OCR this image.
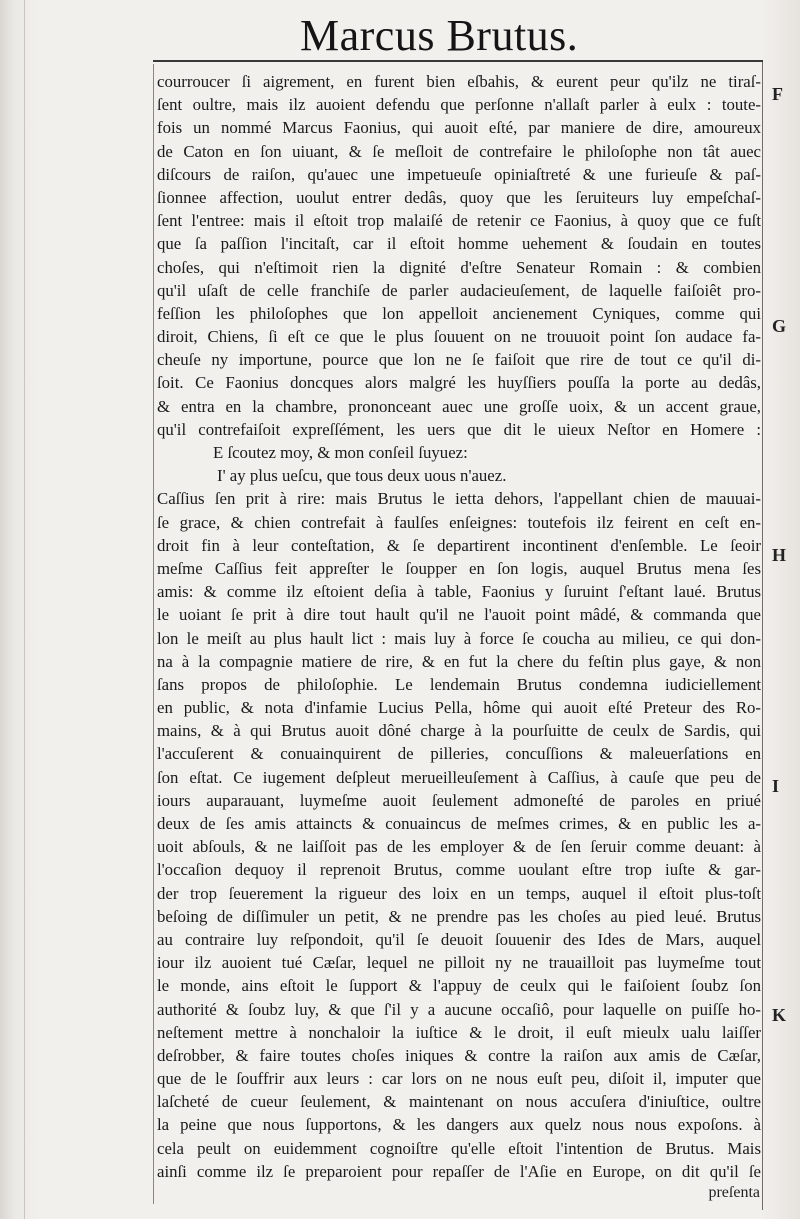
Marcus Brutus.
courroucer ſi aigrement, en furent bien eſbahis, & eurent peur qu'ilz ne tiraſ-
ſent oultre, mais ilz auoient defendu que perſonne n'allaſt parler à eulx : toute-
fois un nommé Marcus Faonius, qui auoit eſté, par maniere de dire, amoureux
de Caton en ſon uiuant, & ſe meſloit de contrefaire le philoſophe non tât auec
diſcours de raiſon, qu'auec une impetueuſe opiniaſtreté & une furieuſe & paſ-
ſionnee affection, uoulut entrer dedâs, quoy que les ſeruiteurs luy empeſchaſ-
ſent l'entree: mais il eſtoit trop malaiſé de retenir ce Faonius, à quoy que ce fuſt
que ſa paſſion l'incitaſt, car il eſtoit homme uehement & ſoudain en toutes
choſes, qui n'eſtimoit rien la dignité d'eſtre Senateur Romain : & combien
qu'il uſaſt de celle franchiſe de parler audacieuſement, de laquelle faiſoiêt pro-
feſſion les philoſophes que lon appelloit ancienement Cyniques, comme qui
diroit, Chiens, ſi eſt ce que le plus ſouuent on ne trouuoit point ſon audace fa-
cheuſe ny importune, pource que lon ne ſe faiſoit que rire de tout ce qu'il di-
ſoit. Ce Faonius doncques alors malgré les huyſſiers pouſſa la porte au dedâs,
& entra en la chambre, prononceant auec une groſſe uoix, & un accent graue,
qu'il contrefaiſoit expreſſément, les uers que dit le uieux Neſtor en Homere :
E ſcoutez moy, & mon conſeil ſuyuez:
I' ay plus ueſcu, que tous deux uous n'auez.
Caſſius ſen prit à rire: mais Brutus le ietta dehors, l'appellant chien de mauuai-
ſe grace, & chien contrefait à faulſes enſeignes: toutefois ilz feirent en ceſt en-
droit fin à leur conteſtation, & ſe departirent incontinent d'enſemble. Le ſeoir
meſme Caſſius feit appreſter le ſoupper en ſon logis, auquel Brutus mena ſes
amis: & comme ilz eſtoient deſia à table, Faonius y ſuruint ſ'eſtant laué. Brutus
le uoiant ſe prit à dire tout hault qu'il ne l'auoit point mâdé, & commanda que
lon le meiſt au plus hault lict : mais luy à force ſe coucha au milieu, ce qui don-
na à la compagnie matiere de rire, & en fut la chere du feſtin plus gaye, & non
ſans propos de philoſophie. Le lendemain Brutus condemna iudiciellement
en public, & nota d'infamie Lucius Pella, hôme qui auoit eſté Preteur des Ro-
mains, & à qui Brutus auoit dôné charge à la pourſuitte de ceulx de Sardis, qui
l'accuſerent & conuainquirent de pilleries, concuſſions & maleuerſations en
ſon eſtat. Ce iugement deſpleut merueilleuſement à Caſſius, à cauſe que peu de
iours auparauant, luymeſme auoit ſeulement admoneſté de paroles en priué
deux de ſes amis attaincts & conuaincus de meſmes crimes, & en public les a-
uoit abſouls, & ne laiſſoit pas de les employer & de ſen ſeruir comme deuant: à
l'occaſion dequoy il reprenoit Brutus, comme uoulant eſtre trop iuſte & gar-
der trop ſeuerement la rigueur des loix en un temps, auquel il eſtoit plus-toſt
beſoing de diſſimuler un petit, & ne prendre pas les choſes au pied leué. Brutus
au contraire luy reſpondoit, qu'il ſe deuoit ſouuenir des Ides de Mars, auquel
iour ilz auoient tué Cæſar, lequel ne pilloit ny ne trauailloit pas luymeſme tout
le monde, ains eſtoit le ſupport & l'appuy de ceulx qui le faiſoient ſoubz ſon
authorité & ſoubz luy, & que ſ'il y a aucune occaſiô, pour laquelle on puiſſe ho-
neſtement mettre à nonchaloir la iuſtice & le droit, il euſt mieulx ualu laiſſer
deſrobber, & faire toutes choſes iniques & contre la raiſon aux amis de Cæſar,
que de le ſouffrir aux leurs : car lors on ne nous euſt peu, diſoit il, imputer que
laſcheté de cueur ſeulement, & maintenant on nous accuſera d'iniuſtice, oultre
la peine que nous ſupportons, & les dangers aux quelz nous nous expoſons. à
cela peult on euidemment cognoiſtre qu'elle eſtoit l'intention de Brutus. Mais
ainſi comme ilz ſe preparoient pour repaſſer de l'Aſie en Europe, on dit qu'il ſe
F
G
H
I
K
preſenta
